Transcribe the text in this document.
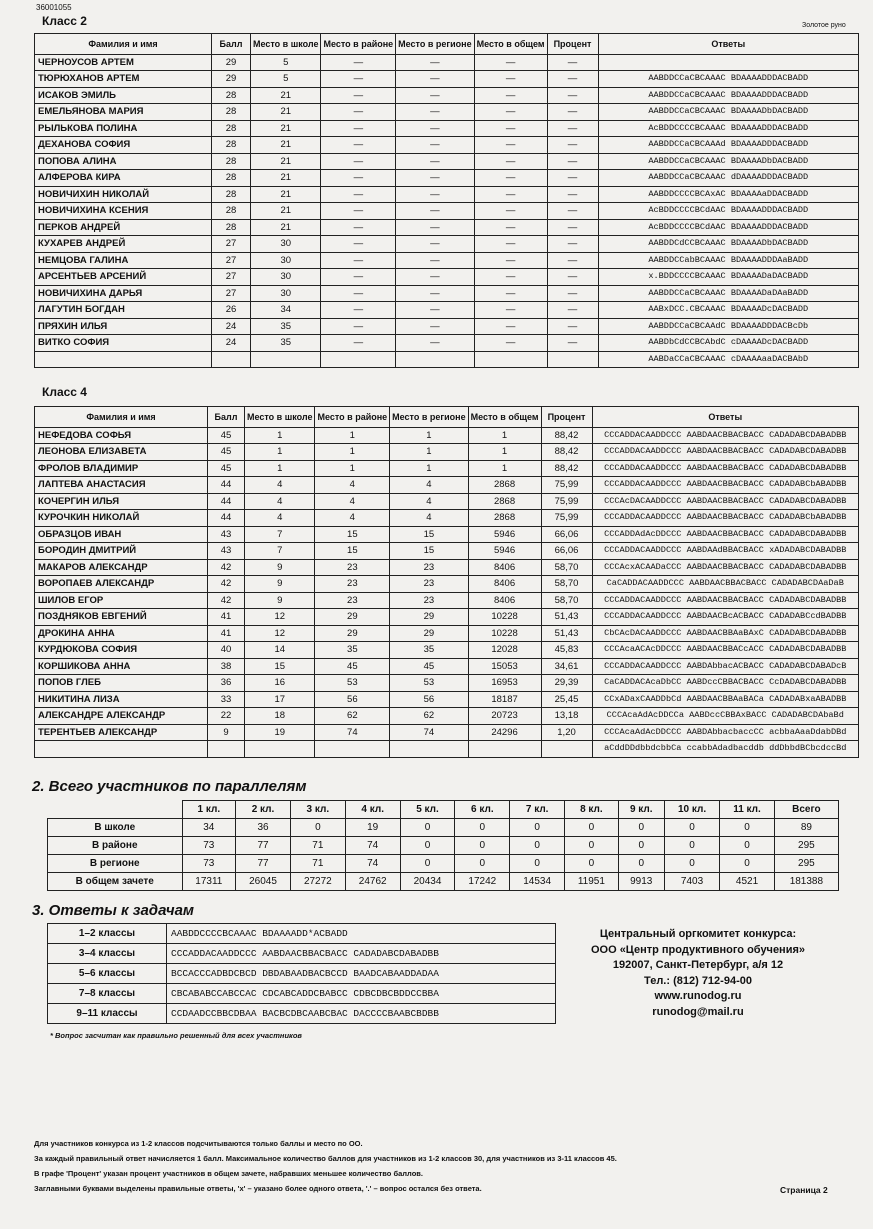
36001055
Класс 2	Золотое руно
Фамилия и имя	Балл	Место в школе	Место в районе	Место в регионе	Место в общем	Процент	Ответы
ЧЕРНОУСОВ АРТЕМ	29	5	—	—	—	—	
ТЮРЮХАНОВ АРТЕМ	29	5	—	—	—	—	AABDDCCaCBCAAAC BDAAAADDDACBADD
ИСАКОВ ЭМИЛЬ	28	21	—	—	—	—	AABDDCCaCBCAAAC BDAAAADDDACBADD
ЕМЕЛЬЯНОВА МАРИЯ	28	21	—	—	—	—	AABDDCCaCBCAAAC BDAAAADbDACBADD
РЫЛЬКОВА ПОЛИНА	28	21	—	—	—	—	AcBDDCCCCBCAAAC BDAAAADDDACBADD
ДЕХАНОВА СОФИЯ	28	21	—	—	—	—	AABDDCCaCBCAAAd BDAAAADDDACBADD
ПОПОВА АЛИНА	28	21	—	—	—	—	AABDDCCaCBCAAAC BDAAAADbDACBADD
АЛФЕРОВА КИРА	28	21	—	—	—	—	AABDDCCaCBCAAAC dDAAAADDDACBADD
НОВИЧИХИН НИКОЛАЙ	28	21	—	—	—	—	AABDDCCCCBCAxAC BDAAAAaDDACBADD
НОВИЧИХИНА КСЕНИЯ	28	21	—	—	—	—	AcBDDCCCCBCdAAC BDAAAADDDACBADD
ПЕРКОВ АНДРЕЙ	28	21	—	—	—	—	AcBDDCCCCBCdAAC BDAAAADDDACBADD
КУХАРЕВ АНДРЕЙ	27	30	—	—	—	—	AABDDCdCCBCAAAC BDAAAADbDACBADD
НЕМЦОВА ГАЛИНА	27	30	—	—	—	—	AABDDCCabBCAAAC BDAAAADDDAaBADD
АРСЕНТЬЕВ АРСЕНИЙ	27	30	—	—	—	—	x.BDDCCCCBCAAAC BDAAAADaDACBADD
НОВИЧИХИНА ДАРЬЯ	27	30	—	—	—	—	AABDDCCaCBCAAAC BDAAAADaDAaBADD
ЛАГУТИН БОГДАН	26	34	—	—	—	—	AABxDCC.CBCAAAC BDAAAADcDACBADD
ПРЯХИН ИЛЬЯ	24	35	—	—	—	—	AABDDCCaCBCAAdC BDAAAADDDACBcDb
ВИТКО СОФИЯ	24	35	—	—	—	—	AABDbCdCCBCAbdC cDAAAADcDACBADD
							AABDaCCaCBCAAAC cDAAAAaaDACBAbD
Класс 4
Фамилия и имя	Балл	Место в школе	Место в районе	Место в регионе	Место в общем	Процент	Ответы
НЕФЕДОВА СОФЬЯ	45	1	1	1	1	88,42	CCCADDACAADDCCC AABDAACBBACBACC CADADABCDABADBB
ЛЕОНОВА ЕЛИЗАВЕТА	45	1	1	1	1	88,42	CCCADDACAADDCCC AABDAACBBACBACC CADADABCDABADBB
ФРОЛОВ ВЛАДИМИР	45	1	1	1	1	88,42	CCCADDACAADDCCC AABDAACBBACBACC CADADABCDABADBB
ЛАПТЕВА АНАСТАСИЯ	44	4	4	4	2868	75,99	CCCADDACAADDCCC AABDAACBBACBACC CADADABCbABADBB
КОЧЕРГИН ИЛЬЯ	44	4	4	4	2868	75,99	CCCAcDACAADDCCC AABDAACBBACBACC CADADABCDABADBB
КУРОЧКИН НИКОЛАЙ	44	4	4	4	2868	75,99	CCCADDACAADDCCC AABDAACBBACBACC CADADABCbABADBB
ОБРАЗЦОВ ИВАН	43	7	15	15	5946	66,06	CCCADDAdAcDDCCC AABDAACBBACBACC CADADABCDABADBB
БОРОДИН ДМИТРИЙ	43	7	15	15	5946	66,06	CCCADDACAADDCCC AABDAAdBBACBACC xADADABCDABADBB
МАКАРОВ АЛЕКСАНДР	42	9	23	23	8406	58,70	CCCAcxACAADaCCC AABDAACBBACBACC CADADABCDABADBB
ВОРОПАЕВ АЛЕКСАНДР	42	9	23	23	8406	58,70	CaCADDACAADDCCC AABDAACBBACBACC CADADABCDAaDaB
ШИЛОВ ЕГОР	42	9	23	23	8406	58,70	CCCADDACAADDCCC AABDAACBBACBACC CADADABCDABADBB
ПОЗДНЯКОВ ЕВГЕНИЙ	41	12	29	29	10228	51,43	CCCADDACAADDCCC AABDAACBcACBACC CADADABCcdBADBB
ДРОКИНА АННА	41	12	29	29	10228	51,43	CbCAcDACAADDCCC AABDAACBBAaBAxC CADADABCDABADBB
КУРДЮКОВА СОФИЯ	40	14	35	35	12028	45,83	CCCAcaACAcDDCCC AABDAACBBACcACC CADADABCDABADBB
КОРШИКОВА АННА	38	15	45	45	15053	34,61	CCCADDACAADDCCC AABDAbbacACBACC CADADABCDABADcB
ПОПОВ ГЛЕБ	36	16	53	53	16953	29,39	CaCADDACAcaDbCC AABDccCBBACBACC CcDADABCDABADBB
НИКИТИНА ЛИЗА	33	17	56	56	18187	25,45	CCxADaxCAADDbCd AABDAACBBAaBACa CADADABxaABADBB
АЛЕКСАНДРЕ АЛЕКСАНДР	22	18	62	62	20723	13,18	CCCAcaAdAcDDCCa AABDccCBBAxBACC CADADABCDAbaBd
ТЕРЕНТЬЕВ АЛЕКСАНДР	9	19	74	74	24296	1,20	CCCAcaAdAcDDCCC AABDAbbacbaccCC acbbaAaaDdabDBd
							aCddDDdbbdcbbCa ccabbAdadbacddb ddDbbdBCbcdccBd
2. Всего участников по параллелям
	1 кл.	2 кл.	3 кл.	4 кл.	5 кл.	6 кл.	7 кл.	8 кл.	9 кл.	10 кл.	11 кл.	Всего
В школе	34	36	0	19	0	0	0	0	0	0	0	89
В районе	73	77	71	74	0	0	0	0	0	0	0	295
В регионе	73	77	71	74	0	0	0	0	0	0	0	295
В общем зачете	17311	26045	27272	24762	20434	17242	14534	11951	9913	7403	4521	181388
3. Ответы к задачам
1–2 классы	AABDDCCCCBCAAAC BDAAAADD*ACBADD
3–4 классы	CCCADDACAADDCCC AABDAACBBACBACC CADADABCDABADBB
5–6 классы	BCCACCCADBDCBCD DBDABAADBACBCCD BAADCABAADDADAA
7–8 классы	CBCABABCCABCCAC CDCABCADDCBABCC CDBCDBCBDDCCBBA
9–11 классы	CCDAADCCBBCDBAA BACBCDBCAABCBAC DACCCCBAABCBDBB
* Вопрос засчитан как правильно решенный для всех участников
Центральный оргкомитет конкурса:
ООО «Центр продуктивного обучения»
192007, Санкт-Петербург, а/я 12
Тел.: (812) 712-94-00
www.runodog.ru
runodog@mail.ru
Для участников конкурса из 1-2 классов подсчитываются только баллы и место по ОО.
За каждый правильный ответ начисляется 1 балл. Максимальное количество баллов для участников из 1-2 классов 30, для участников из 3-11 классов 45.
В графе 'Процент' указан процент участников в общем зачете, набравших меньшее количество баллов.
Заглавными буквами выделены правильные ответы, 'x' – указано более одного ответа, '.' – вопрос остался без ответа.	Страница 2
